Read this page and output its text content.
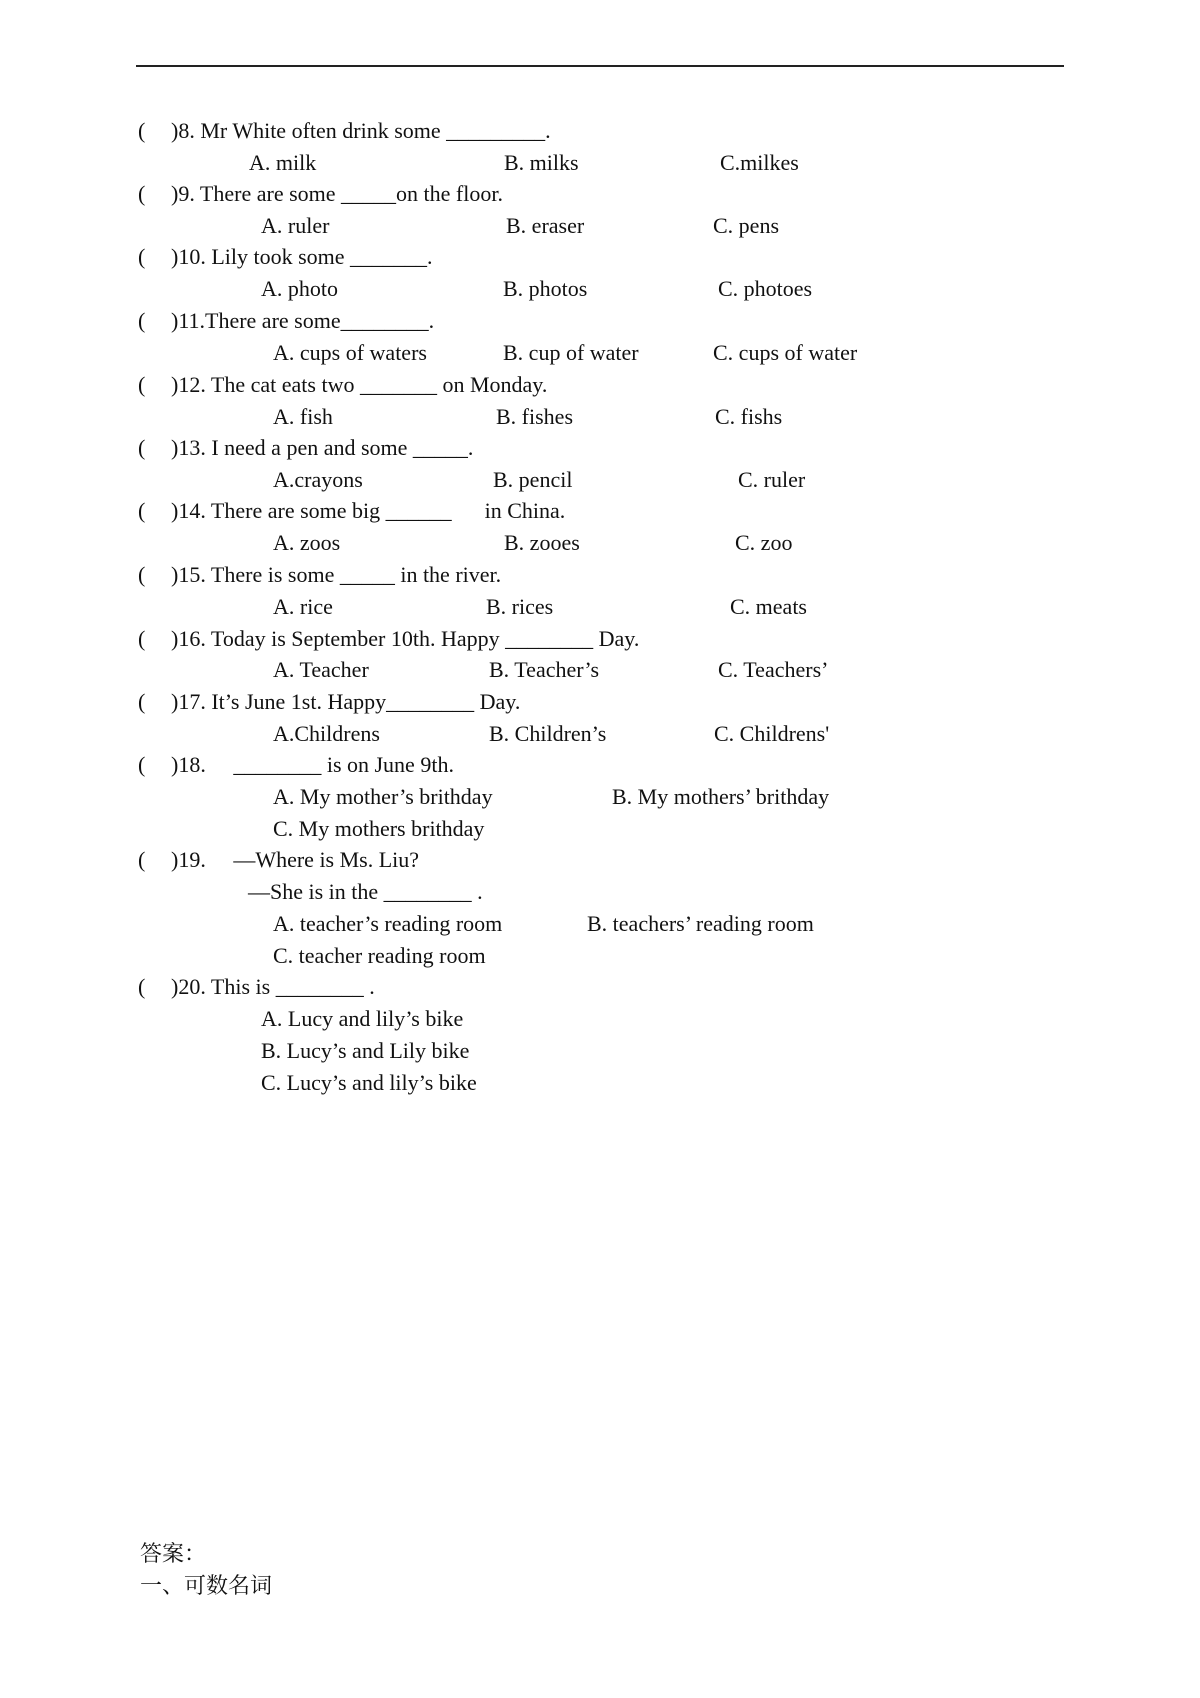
( )8. Mr White often drink some _________.
A. milk	B. milks	C.milkes
( )9. There are some _____on the floor.
A. ruler	B. eraser	C. pens
( )10. Lily took some _______.
A. photo	B. photos	C. photoes
( )11.There are some________.
A. cups of waters	B. cup of water	C. cups of water
( )12. The cat eats two _______ on Monday.
A. fish	B. fishes	C. fishs
( )13. I need a pen and some _____.
A.crayons	B. pencil	C. ruler
( )14. There are some big ______      in China.
A. zoos	B. zooes	C. zoo
( )15. There is some _____ in the river.
A. rice	B. rices	C. meats
( )16. Today is September 10th. Happy ________ Day.
A. Teacher	B. Teacher’s	C. Teachers’
( )17. It’s June 1st. Happy________ Day.
A.Childrens	B. Children’s	C. Childrens'
( )18.     ________ is on June 9th.
A. My mother’s brithday	B. My mothers’ brithday
C. My mothers brithday
( )19.     —Where is Ms. Liu?
—She is in the ________ .
A. teacher’s reading room	B. teachers’ reading room
C. teacher reading room
( )20. This is ________ .
A. Lucy and lily’s bike
B. Lucy’s and Lily bike
C. Lucy’s and lily’s bike
答案：
一、可数名词
